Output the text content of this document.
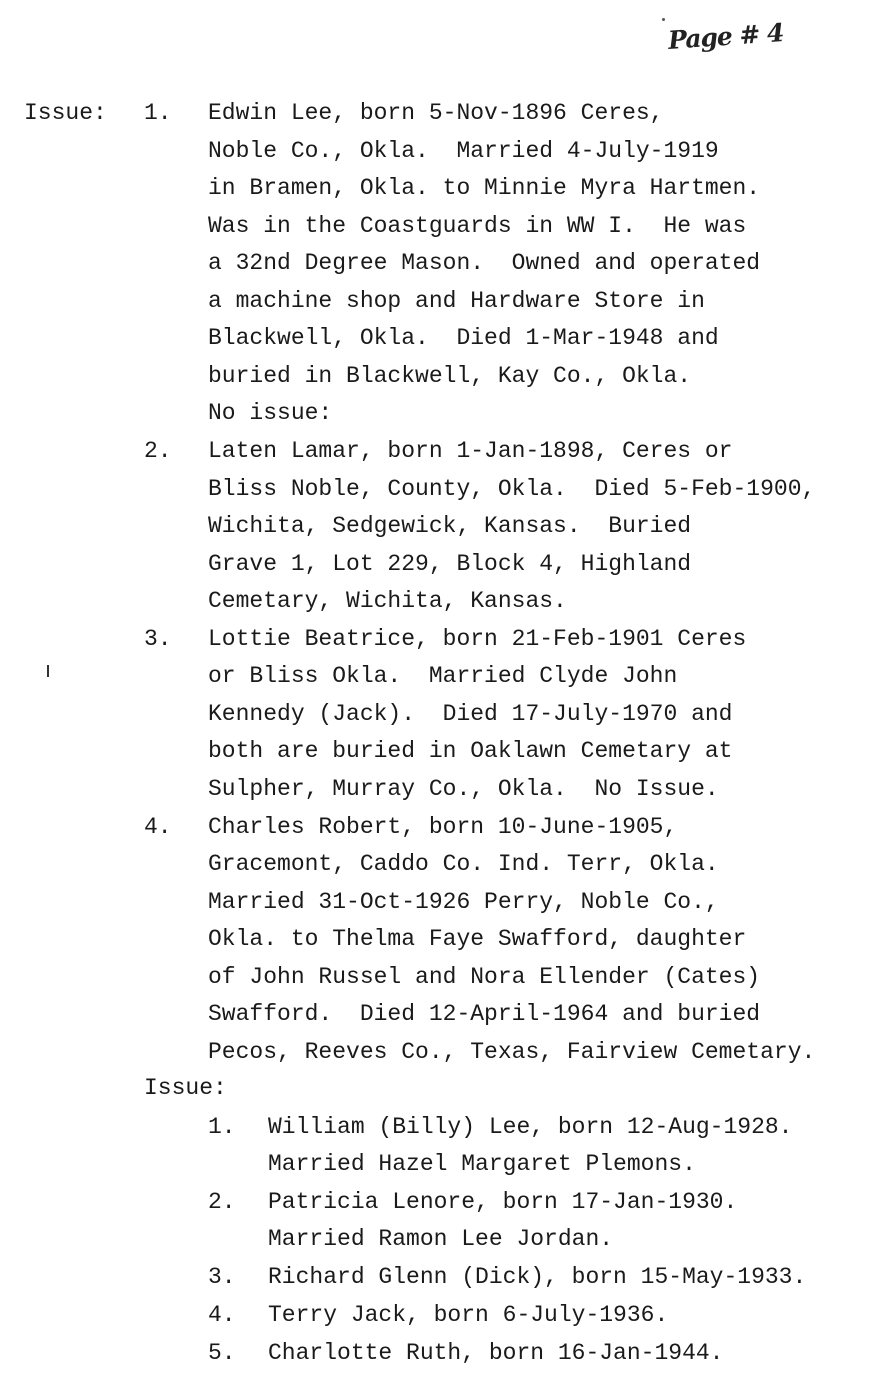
Page # 4
Issue: 1. Edwin Lee, born 5-Nov-1896 Ceres,
Noble Co., Okla.  Married 4-July-1919
in Bramen, Okla. to Minnie Myra Hartmen.
Was in the Coastguards in WW I.  He was
a 32nd Degree Mason.  Owned and operated
a machine shop and Hardware Store in
Blackwell, Okla.  Died 1-Mar-1948 and
buried in Blackwell, Kay Co., Okla.
No issue:
2. Laten Lamar, born 1-Jan-1898, Ceres or
Bliss Noble, County, Okla.  Died 5-Feb-1900,
Wichita, Sedgewick, Kansas.  Buried
Grave 1, Lot 229, Block 4, Highland
Cemetary, Wichita, Kansas.
3. Lottie Beatrice, born 21-Feb-1901 Ceres
or Bliss Okla.  Married Clyde John
Kennedy (Jack).  Died 17-July-1970 and
both are buried in Oaklawn Cemetary at
Sulpher, Murray Co., Okla.  No Issue.
4. Charles Robert, born 10-June-1905,
Gracemont, Caddo Co. Ind. Terr, Okla.
Married 31-Oct-1926 Perry, Noble Co.,
Okla. to Thelma Faye Swafford, daughter
of John Russel and Nora Ellender (Cates)
Swafford.  Died 12-April-1964 and buried
Pecos, Reeves Co., Texas, Fairview Cemetary.
Issue:
1. William (Billy) Lee, born 12-Aug-1928.
Married Hazel Margaret Plemons.
2. Patricia Lenore, born 17-Jan-1930.
Married Ramon Lee Jordan.
3. Richard Glenn (Dick), born 15-May-1933.
4. Terry Jack, born 6-July-1936.
5. Charlotte Ruth, born 16-Jan-1944.
